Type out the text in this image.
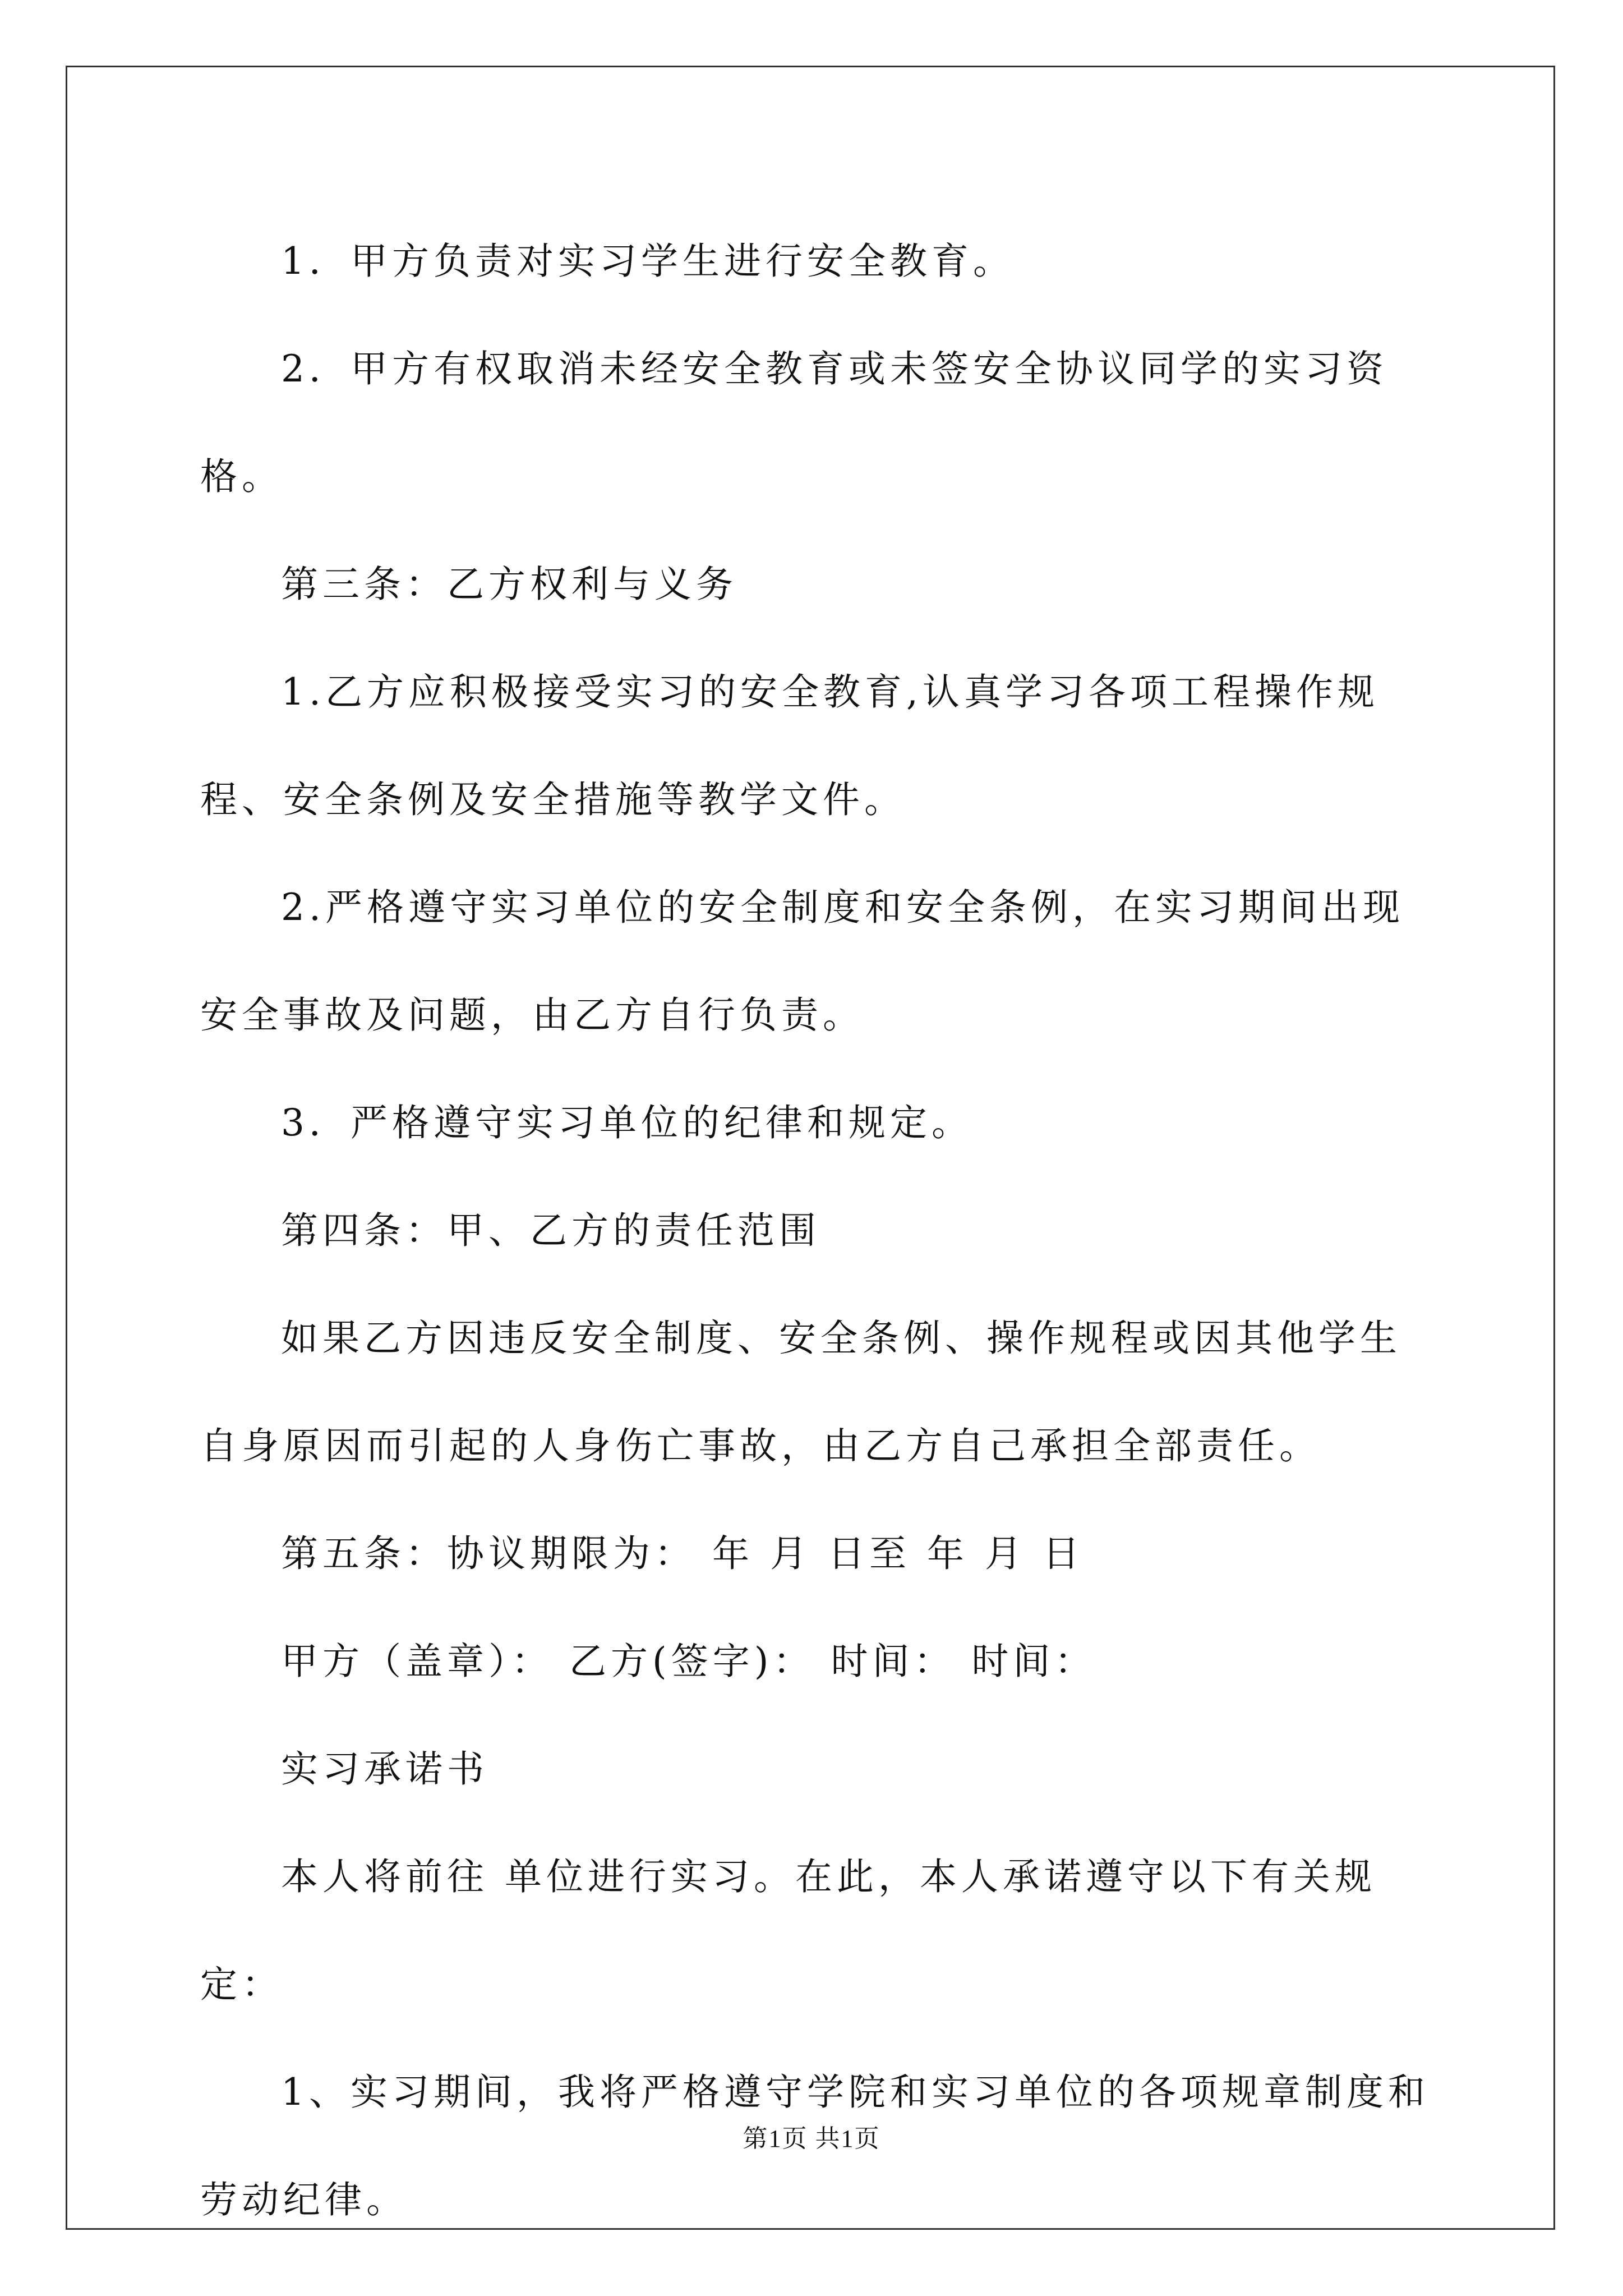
1．甲方负责对实习学生进行安全教育。

2．甲方有权取消未经安全教育或未签安全协议同学的实习资格。

第三条：乙方权利与义务

1.乙方应积极接受实习的安全教育,认真学习各项工程操作规程、安全条例及安全措施等教学文件。

2.严格遵守实习单位的安全制度和安全条例，在实习期间出现安全事故及问题，由乙方自行负责。

3．严格遵守实习单位的纪律和规定。

第四条：甲、乙方的责任范围

如果乙方因违反安全制度、安全条例、操作规程或因其他学生自身原因而引起的人身伤亡事故，由乙方自己承担全部责任。

第五条：协议期限为： 年 月 日至 年 月 日

甲方（盖章）： 乙方(签字)： 时间： 时间：

实习承诺书

本人将前往 单位进行实习。在此，本人承诺遵守以下有关规定：

1、实习期间，我将严格遵守学院和实习单位的各项规章制度和劳动纪律。

第1页 共1页
